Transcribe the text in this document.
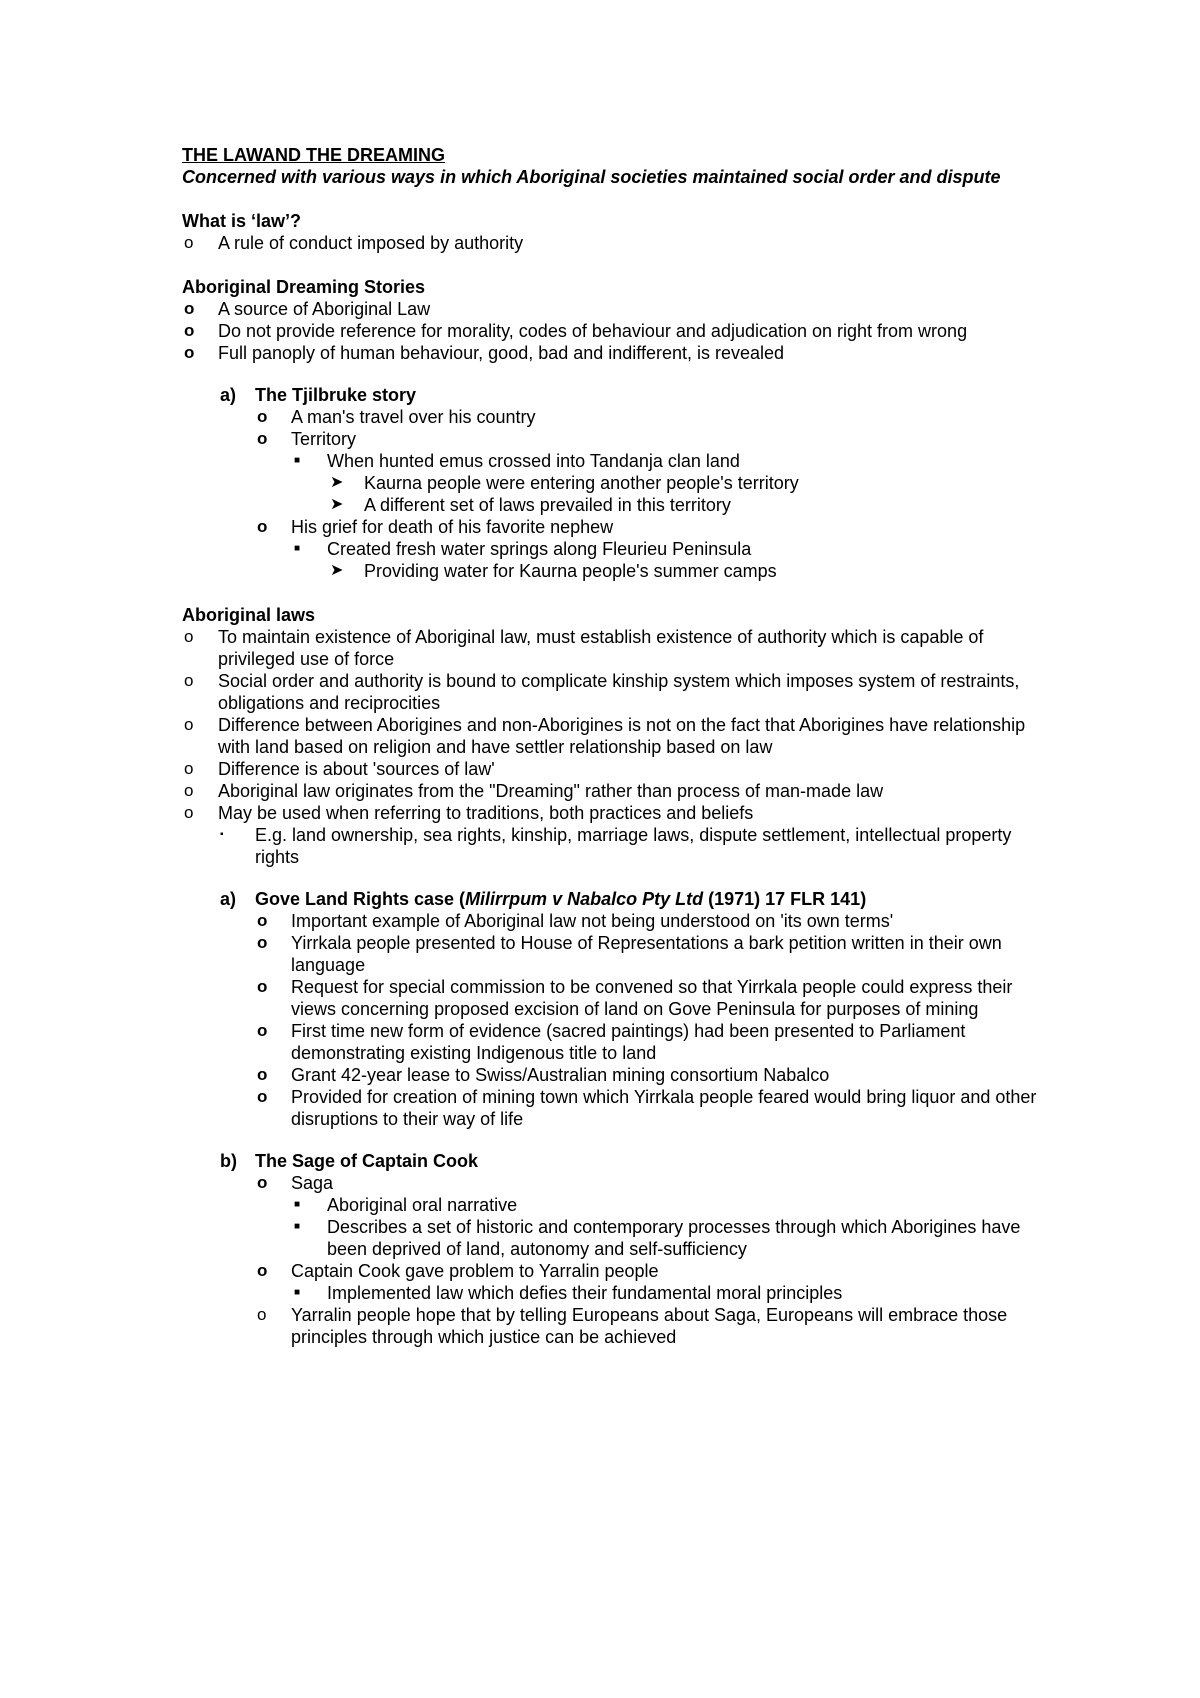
THE LAWAND THE DREAMING

Concerned with various ways in which Aboriginal societies maintained social order and dispute

What is ‘law’?

o	A rule of conduct imposed by authority

Aboriginal Dreaming Stories

o	A source of Aboriginal Law

o	Do not provide reference for morality, codes of behaviour and adjudication on right from wrong

o	Full panoply of human behaviour, good, bad and indifferent, is revealed

a) The Tjilbruke story

o	A man's travel over his country

o	Territory

■	When hunted emus crossed into Tandanja clan land

➤	Kaurna people were entering another people's territory

➤	A different set of laws prevailed in this territory

o	His grief for death of his favorite nephew

■	Created fresh water springs along Fleurieu Peninsula

➤	Providing water for Kaurna people's summer camps

Aboriginal laws

o	To maintain existence of Aboriginal law, must establish existence of authority which is capable of privileged use of force

o	Social order and authority is bound to complicate kinship system which imposes system of restraints, obligations and reciprocities

o	Difference between Aborigines and non-Aborigines is not on the fact that Aborigines have relationship with land based on religion and have settler relationship based on law

o	Difference is about 'sources of law'

o	Aboriginal law originates from the "Dreaming" rather than process of man-made law

o	May be used when referring to traditions, both practices and beliefs

▪	E.g. land ownership, sea rights, kinship, marriage laws, dispute settlement, intellectual property rights

a) Gove Land Rights case (Milirrpum v Nabalco Pty Ltd (1971) 17 FLR 141)

o	Important example of Aboriginal law not being understood on 'its own terms'

o	Yirrkala people presented to House of Representations a bark petition written in their own language

o	Request for special commission to be convened so that Yirrkala people could express their views concerning proposed excision of land on Gove Peninsula for purposes of mining

o	First time new form of evidence (sacred paintings) had been presented to Parliament demonstrating existing Indigenous title to land

o	Grant 42-year lease to Swiss/Australian mining consortium Nabalco

o	Provided for creation of mining town which Yirrkala people feared would bring liquor and other disruptions to their way of life

b) The Sage of Captain Cook

o	Saga

■	Aboriginal oral narrative

■	Describes a set of historic and contemporary processes through which Aborigines have been deprived of land, autonomy and self-sufficiency

o	Captain Cook gave problem to Yarralin people

■	Implemented law which defies their fundamental moral principles

o	Yarralin people hope that by telling Europeans about Saga, Europeans will embrace those principles through which justice can be achieved
